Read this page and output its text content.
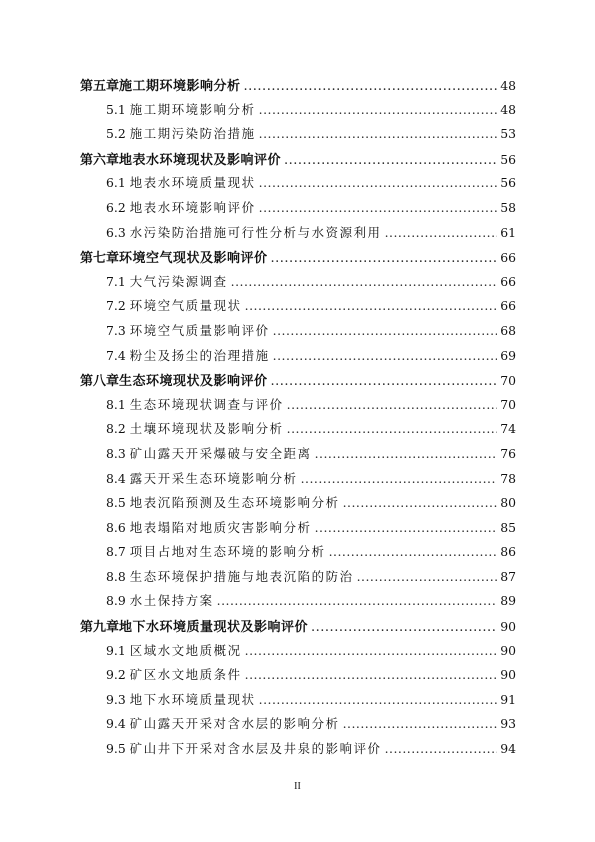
第五章 施工期环境影响分析 .....	48
5.1 施工期环境影响分析 .....	48
5.2 施工期污染防治措施 .....	53
第六章 地表水环境现状及影响评价 .....	56
6.1 地表水环境质量现状 .....	56
6.2 地表水环境影响评价 .....	58
6.3 水污染防治措施可行性分析与水资源利用 .....	61
第七章 环境空气现状及影响评价 .....	66
7.1 大气污染源调查 .....	66
7.2 环境空气质量现状 .....	66
7.3 环境空气质量影响评价 .....	68
7.4 粉尘及扬尘的治理措施 .....	69
第八章 生态环境现状及影响评价 .....	70
8.1 生态环境现状调查与评价 .....	70
8.2 土壤环境现状及影响分析 .....	74
8.3 矿山露天开采爆破与安全距离 .....	76
8.4 露天开采生态环境影响分析 .....	78
8.5 地表沉陷预测及生态环境影响分析 .....	80
8.6 地表塌陷对地质灾害影响分析 .....	85
8.7 项目占地对生态环境的影响分析 .....	86
8.8 生态环境保护措施与地表沉陷的防治 .....	87
8.9 水土保持方案 .....	89
第九章 地下水环境质量现状及影响评价 .....	90
9.1 区域水文地质概况 .....	90
9.2 矿区水文地质条件 .....	90
9.3 地下水环境质量现状 .....	91
9.4 矿山露天开采对含水层的影响分析 .....	93
9.5 矿山井下开采对含水层及井泉的影响评价 .....	94
II
